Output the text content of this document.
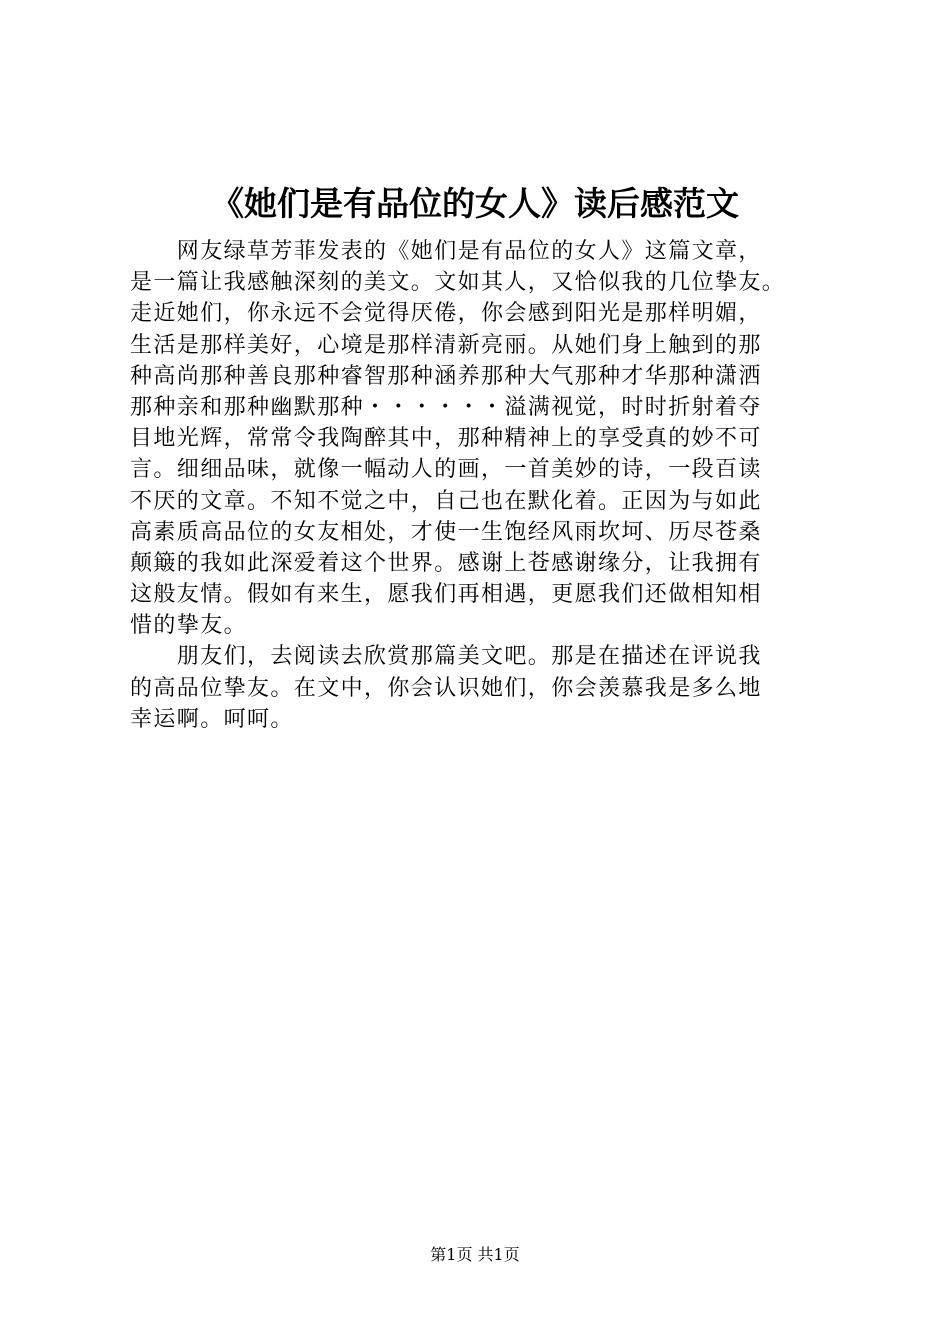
《她们是有品位的女人》读后感范文
　　网友绿草芳菲发表的《她们是有品位的女人》这篇文章，
是一篇让我感触深刻的美文。文如其人，又恰似我的几位挚友。
走近她们，你永远不会觉得厌倦，你会感到阳光是那样明媚，
生活是那样美好，心境是那样清新亮丽。从她们身上触到的那
种高尚那种善良那种睿智那种涵养那种大气那种才华那种潇洒
那种亲和那种幽默那种・・・・・・溢满视觉，时时折射着夺
目地光辉，常常令我陶醉其中，那种精神上的享受真的妙不可
言。细细品味，就像一幅动人的画，一首美妙的诗，一段百读
不厌的文章。不知不觉之中，自己也在默化着。正因为与如此
高素质高品位的女友相处，才使一生饱经风雨坎坷、历尽苍桑
颠簸的我如此深爱着这个世界。感谢上苍感谢缘分，让我拥有
这般友情。假如有来生，愿我们再相遇，更愿我们还做相知相
惜的挚友。
　　朋友们，去阅读去欣赏那篇美文吧。那是在描述在评说我
的高品位挚友。在文中，你会认识她们，你会羡慕我是多么地
幸运啊。呵呵。
第1页 共1页
